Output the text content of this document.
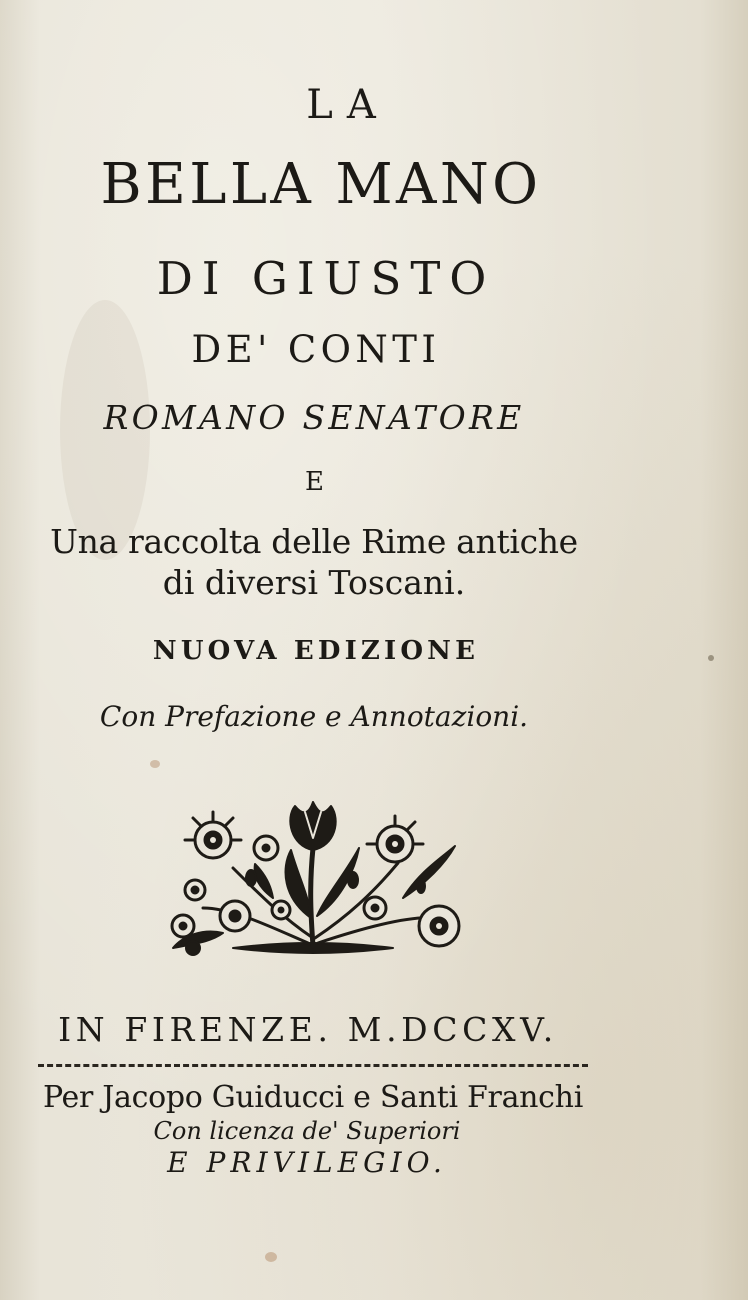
LA
BELLA MANO
DI GIUSTO
DE' CONTI
ROMANO SENATORE
E
Una raccolta delle Rime antiche
di diversi Toscani.
NUOVA EDIZIONE
Con Prefazione e Annotazioni.
IN FIRENZE. M.DCCXV.
Per Jacopo Guiducci e Santi Franchi
Con licenza de' Superiori
E PRIVILEGIO.
